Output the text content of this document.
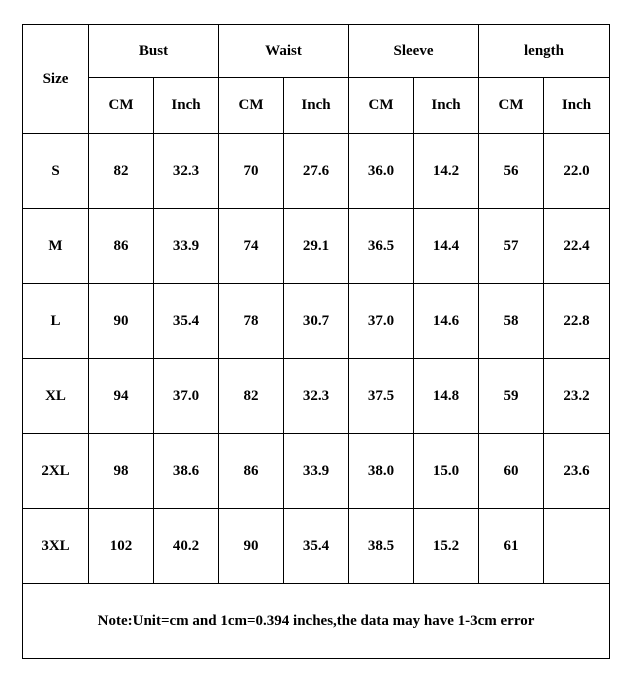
Size	Bust		Waist		Sleeve		length	
	CM	Inch	CM	Inch	CM	Inch	CM	Inch
S	82	32.3	70	27.6	36.0	14.2	56	22.0
M	86	33.9	74	29.1	36.5	14.4	57	22.4
L	90	35.4	78	30.7	37.0	14.6	58	22.8
XL	94	37.0	82	32.3	37.5	14.8	59	23.2
2XL	98	38.6	86	33.9	38.0	15.0	60	23.6
3XL	102	40.2	90	35.4	38.5	15.2	61	
Note:Unit=cm and 1cm=0.394 inches,the data may have 1-3cm error								
